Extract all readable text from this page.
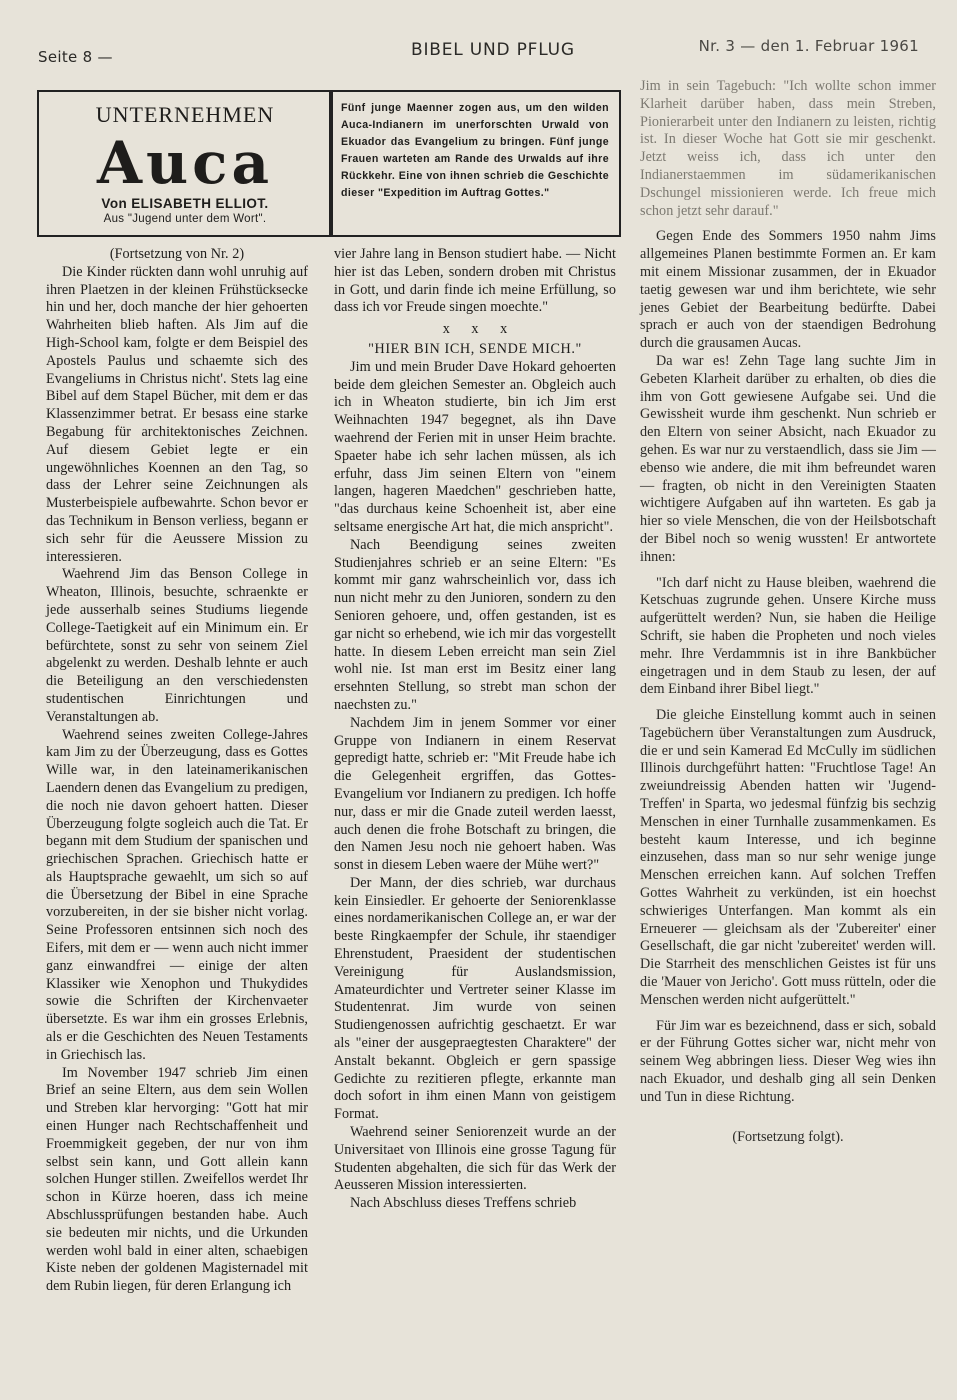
Seite 8 —	BIBEL UND PFLUG	Nr. 3 — den 1. Februar 1961
UNTERNEHMEN
Auca
Von ELISABETH ELLIOT.
Aus "Jugend unter dem Wort".

Fünf junge Maenner zogen aus, um den wilden Auca-Indianern im unerforschten Urwald von Ekuador das Evangelium zu bringen. Fünf junge Frauen warteten am Rande des Urwalds auf ihre Rückkehr. Eine von ihnen schrieb die Geschichte dieser "Expedition im Auftrag Gottes."

(Fortsetzung von Nr. 2)

Die Kinder rückten dann wohl unruhig auf ihren Plaetzen in der kleinen Frühstücksecke hin und her, doch manche der hier gehoerten Wahrheiten blieb haften. Als Jim auf die High-School kam, folgte er dem Beispiel des Apostels Paulus und schaemte sich des Evangeliums in Christus nicht'. Stets lag eine Bibel auf dem Stapel Bücher, mit dem er das Klassenzimmer betrat. Er besass eine starke Begabung für architektonisches Zeichnen. Auf diesem Gebiet legte er ein ungewöhnliches Koennen an den Tag, so dass der Lehrer seine Zeichnungen als Musterbeispiele aufbewahrte. Schon bevor er das Technikum in Benson verliess, begann er sich sehr für die Aeussere Mission zu interessieren.

Waehrend Jim das Benson College in Wheaton, Illinois, besuchte, schraenkte er jede ausserhalb seines Studiums liegende College-Taetigkeit auf ein Minimum ein. Er befürchtete, sonst zu sehr von seinem Ziel abgelenkt zu werden. Deshalb lehnte er auch die Beteiligung an den verschiedensten studentischen Einrichtungen und Veranstaltungen ab.

Waehrend seines zweiten College-Jahres kam Jim zu der Überzeugung, dass es Gottes Wille war, in den lateinamerikanischen Laendern denen das Evangelium zu predigen, die noch nie davon gehoert hatten. Dieser Überzeugung folgte sogleich auch die Tat. Er begann mit dem Studium der spanischen und griechischen Sprachen. Griechisch hatte er als Hauptsprache gewaehlt, um sich so auf die Übersetzung der Bibel in eine Sprache vorzubereiten, in der sie bisher nicht vorlag. Seine Professoren entsinnen sich noch des Eifers, mit dem er — wenn auch nicht immer ganz einwandfrei — einige der alten Klassiker wie Xenophon und Thukydides sowie die Schriften der Kirchenvaeter übersetzte. Es war ihm ein grosses Erlebnis, als er die Geschichten des Neuen Testaments in Griechisch las.

Im November 1947 schrieb Jim einen Brief an seine Eltern, aus dem sein Wollen und Streben klar hervorging: "Gott hat mir einen Hunger nach Rechtschaffenheit und Froemmigkeit gegeben, der nur von ihm selbst sein kann, und Gott allein kann solchen Hunger stillen. Zweifellos werdet Ihr schon in Kürze hoeren, dass ich meine Abschlussprüfungen bestanden habe. Auch sie bedeuten mir nichts, und die Urkunden werden wohl bald in einer alten, schaebigen Kiste neben der goldenen Magisternadel mit dem Rubin liegen, für deren Erlangung ich

vier Jahre lang in Benson studiert habe. — Nicht hier ist das Leben, sondern droben mit Christus in Gott, und darin finde ich meine Erfüllung, so dass ich vor Freude singen moechte."

x x x

"HIER BIN ICH, SENDE MICH."

Jim und mein Bruder Dave Hokard gehoerten beide dem gleichen Semester an. Obgleich auch ich in Wheaton studierte, bin ich Jim erst Weihnachten 1947 begegnet, als ihn Dave waehrend der Ferien mit in unser Heim brachte. Spaeter habe ich sehr lachen müssen, als ich erfuhr, dass Jim seinen Eltern von "einem langen, hageren Maedchen" geschrieben hatte, "das durchaus keine Schoenheit ist, aber eine seltsame energische Art hat, die mich anspricht".

Nach Beendigung seines zweiten Studienjahres schrieb er an seine Eltern: "Es kommt mir ganz wahrscheinlich vor, dass ich nun nicht mehr zu den Junioren, sondern zu den Senioren gehoere, und, offen gestanden, ist es gar nicht so erhebend, wie ich mir das vorgestellt hatte. In diesem Leben erreicht man sein Ziel wohl nie. Ist man erst im Besitz einer lang ersehnten Stellung, so strebt man schon der naechsten zu."

Nachdem Jim in jenem Sommer vor einer Gruppe von Indianern in einem Reservat gepredigt hatte, schrieb er: "Mit Freude habe ich die Gelegenheit ergriffen, das Gottes-Evangelium vor Indianern zu predigen. Ich hoffe nur, dass er mir die Gnade zuteil werden laesst, auch denen die frohe Botschaft zu bringen, die den Namen Jesu noch nie gehoert haben. Was sonst in diesem Leben waere der Mühe wert?"

Der Mann, der dies schrieb, war durchaus kein Einsiedler. Er gehoerte der Seniorenklasse eines nordamerikanischen College an, er war der beste Ringkaempfer der Schule, ihr staendiger Ehrenstudent, Praesident der studentischen Vereinigung für Auslandsmission, Amateurdichter und Vertreter seiner Klasse im Studentenrat. Jim wurde von seinen Studiengenossen aufrichtig geschaetzt. Er war als "einer der ausgepraegtesten Charaktere" der Anstalt bekannt. Obgleich er gern spassige Gedichte zu rezitieren pflegte, erkannte man doch sofort in ihm einen Mann von geistigem Format.

Waehrend seiner Seniorenzeit wurde an der Universitaet von Illinois eine grosse Tagung für Studenten abgehalten, die sich für das Werk der Aeusseren Mission interessierten.

Nach Abschluss dieses Treffens schrieb

Jim in sein Tagebuch: "Ich wollte schon immer Klarheit darüber haben, dass mein Streben, Pionierarbeit unter den Indianern zu leisten, richtig ist. In dieser Woche hat Gott sie mir geschenkt. Jetzt weiss ich, dass ich unter den Indianerstaemmen im südamerikanischen Dschungel missionieren werde. Ich freue mich schon jetzt sehr darauf."

Gegen Ende des Sommers 1950 nahm Jims allgemeines Planen bestimmte Formen an. Er kam mit einem Missionar zusammen, der in Ekuador taetig gewesen war und ihm berichtete, wie sehr jenes Gebiet der Bearbeitung bedürfte. Dabei sprach er auch von der staendigen Bedrohung durch die grausamen Aucas.

Da war es! Zehn Tage lang suchte Jim in Gebeten Klarheit darüber zu erhalten, ob dies die ihm von Gott gewiesene Aufgabe sei. Und die Gewissheit wurde ihm geschenkt. Nun schrieb er den Eltern von seiner Absicht, nach Ekuador zu gehen. Es war nur zu verstaendlich, dass sie Jim — ebenso wie andere, die mit ihm befreundet waren — fragten, ob nicht in den Vereinigten Staaten wichtigere Aufgaben auf ihn warteten. Es gab ja hier so viele Menschen, die von der Heilsbotschaft der Bibel noch so wenig wussten! Er antwortete ihnen:

"Ich darf nicht zu Hause bleiben, waehrend die Ketschuas zugrunde gehen. Unsere Kirche muss aufgerüttelt werden? Nun, sie haben die Heilige Schrift, sie haben die Propheten und noch vieles mehr. Ihre Verdammnis ist in ihre Bankbücher eingetragen und in dem Staub zu lesen, der auf dem Einband ihrer Bibel liegt."

Die gleiche Einstellung kommt auch in seinen Tagebüchern über Veranstaltungen zum Ausdruck, die er und sein Kamerad Ed McCully im südlichen Illinois durchgeführt hatten: "Fruchtlose Tage! An zweiundreissig Abenden hatten wir 'Jugend-Treffen' in Sparta, wo jedesmal fünfzig bis sechzig Menschen in einer Turnhalle zusammenkamen. Es besteht kaum Interesse, und ich beginne einzusehen, dass man so nur sehr wenige junge Menschen erreichen kann. Auf solchen Treffen Gottes Wahrheit zu verkünden, ist ein hoechst schwieriges Unterfangen. Man kommt als ein Erneuerer — gleichsam als der 'Zubereiter' einer Gesellschaft, die gar nicht 'zubereitet' werden will. Die Starrheit des menschlichen Geistes ist für uns die 'Mauer von Jericho'. Gott muss rütteln, oder die Menschen werden nicht aufgerüttelt."

Für Jim war es bezeichnend, dass er sich, sobald er der Führung Gottes sicher war, nicht mehr von seinem Weg abbringen liess. Dieser Weg wies ihn nach Ekuador, und deshalb ging all sein Denken und Tun in diese Richtung.

(Fortsetzung folgt).
